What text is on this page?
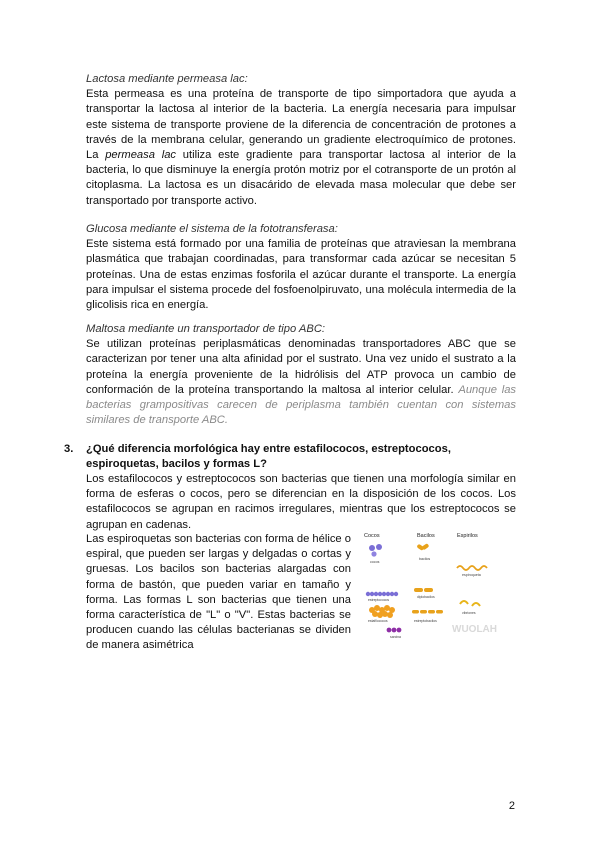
Lactosa mediante permeasa lac:

Esta permeasa es una proteína de transporte de tipo simportadora que ayuda a transportar la lactosa al interior de la bacteria. La energía necesaria para impulsar este sistema de transporte proviene de la diferencia de concentración de protones a través de la membrana celular, generando un gradiente electroquímico de protones. La permeasa lac utiliza este gradiente para transportar lactosa al interior de la bacteria, lo que disminuye la energía protón motriz por el cotransporte de un protón al citoplasma. La lactosa es un disacárido de elevada masa molecular que debe ser transportado por transporte activo.

Glucosa mediante el sistema de la fototransferasa:

Este sistema está formado por una familia de proteínas que atraviesan la membrana plasmática que trabajan coordinadas, para transformar cada azúcar se necesitan 5 proteínas. Una de estas enzimas fosforila el azúcar durante el transporte. La energía para impulsar el sistema procede del fosfoenolpiruvato, una molécula intermedia de la glicolisis rica en energía.

Maltosa mediante un transportador de tipo ABC:

Se utilizan proteínas periplasmáticas denominadas transportadores ABC que se caracterizan por tener una alta afinidad por el sustrato. Una vez unido el sustrato a la proteína la energía proveniente de la hidrólisis del ATP provoca un cambio de conformación de la proteína transportando la maltosa al interior celular. Aunque las bacterias grampositivas carecen de periplasma también cuentan con sistemas similares de transporte ABC.

3. ¿Qué diferencia morfológica hay entre estafilococos, estreptococos, espiroquetas, bacilos y formas L?

Los estafilococos y estreptococos son bacterias que tienen una morfología similar en forma de esferas o cocos, pero se diferencian en la disposición de los cocos. Los estafilococos se agrupan en racimos irregulares, mientras que los estreptococos se agrupan en cadenas.

Las espiroquetas son bacterias con forma de hélice o espiral, que pueden ser largas y delgadas o cortas y gruesas. Los bacilos son bacterias alargadas con forma de bastón, que pueden variar en tamaño y forma. Las formas L son bacterias que tienen una forma característica de "L" o "V". Estas bacterias se producen cuando las células bacterianas se dividen de manera asimétrica

Cocos	Bacilos	Espirilos
cocos
bacilos
espiroqueta
estreptococos
diplobacilos
estafilococos	estreptobacilos
vibriones
sarcina
WUOLAH
2
